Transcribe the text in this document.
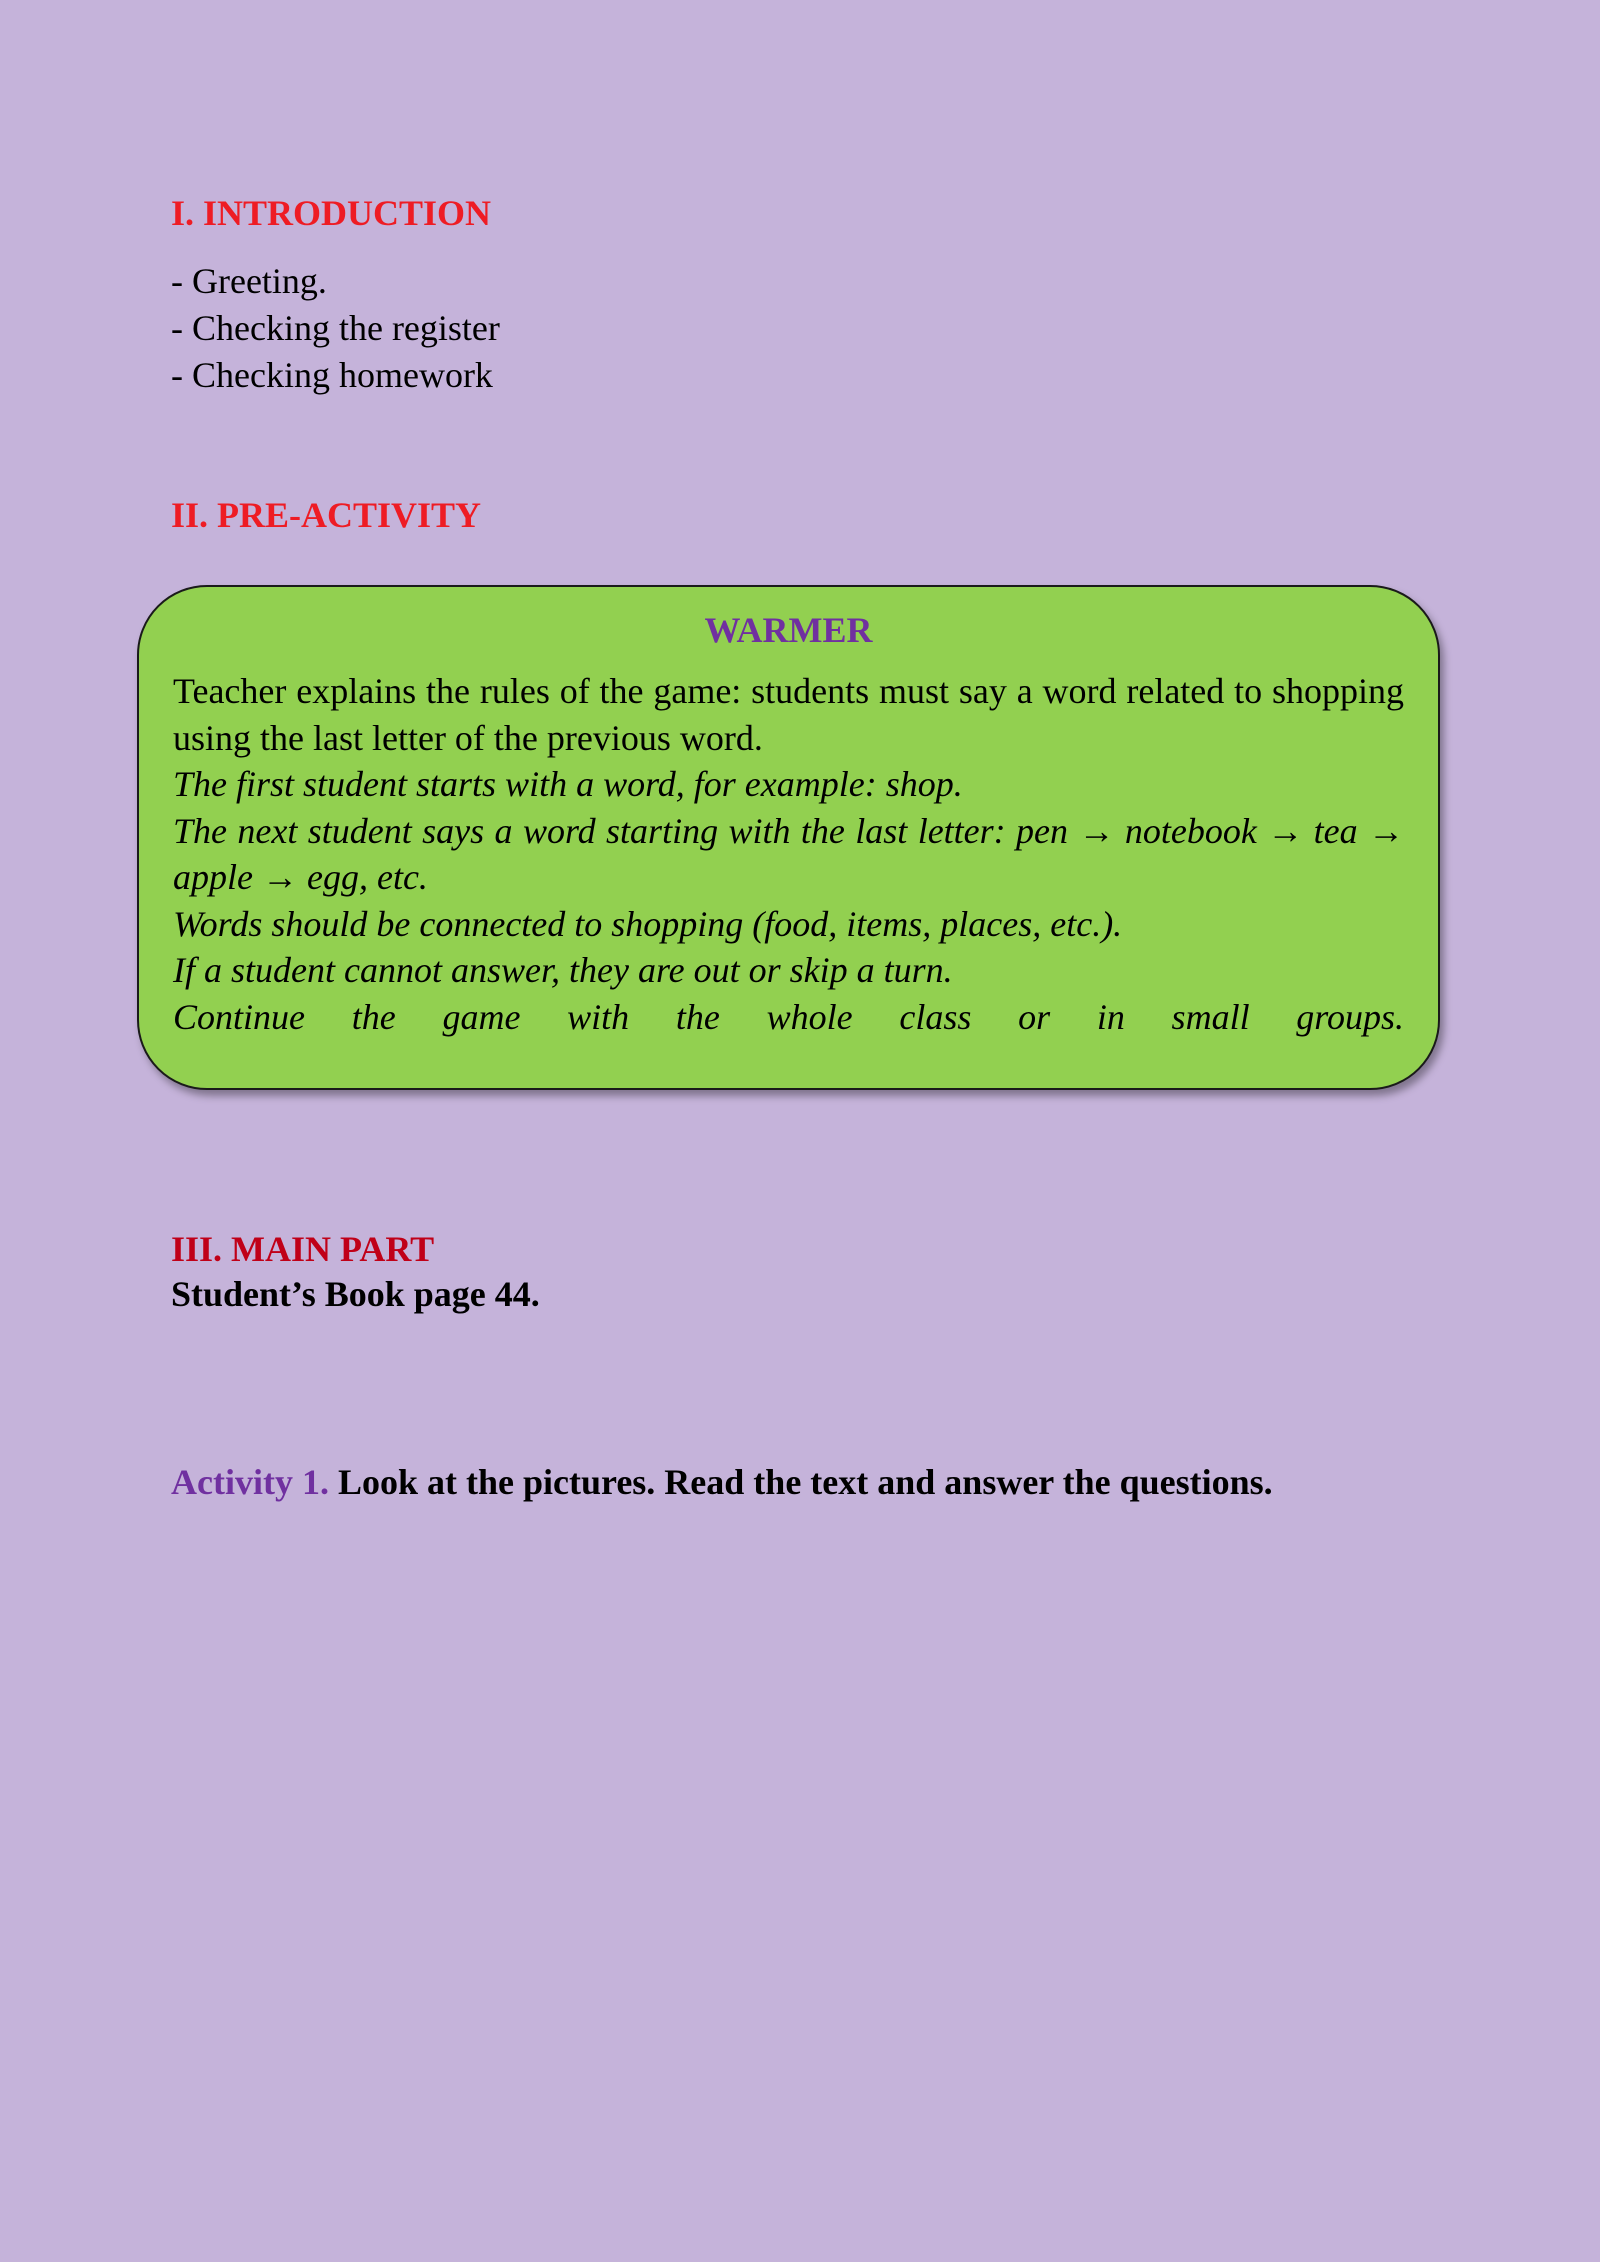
I. INTRODUCTION
- Greeting.
- Checking the register
- Checking homework
II. PRE-ACTIVITY
WARMER

Teacher explains the rules of the game: students must say a word related to shopping using the last letter of the previous word.

The first student starts with a word, for example: shop.

The next student says a word starting with the last letter: pen → notebook → tea → apple → egg, etc.

Words should be connected to shopping (food, items, places, etc.).

If a student cannot answer, they are out or skip a turn.

Continue the game with the whole class or in small groups.

III. MAIN PART

Student’s Book page 44.

Activity 1. Look at the pictures. Read the text and answer the questions.
